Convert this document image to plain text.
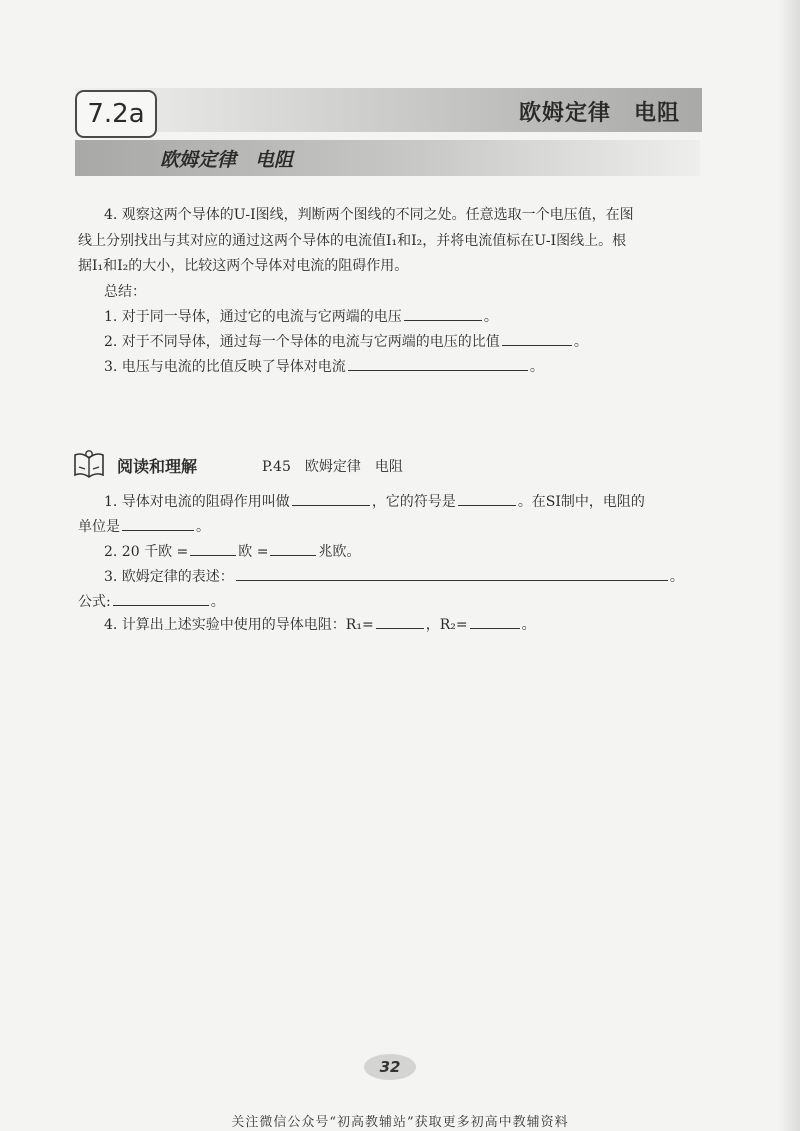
7.2a	欧姆定律　电阻
欧姆定律　电阻
4. 观察这两个导体的U-I图线，判断两个图线的不同之处。任意选取一个电压值，在图
线上分别找出与其对应的通过这两个导体的电流值I₁和I₂，并将电流值标在U-I图线上。根
据I₁和I₂的大小，比较这两个导体对电流的阻碍作用。
总结：
1. 对于同一导体，通过它的电流与它两端的电压	。
2. 对于不同导体，通过每一个导体的电流与它两端的电压的比值	。
3. 电压与电流的比值反映了导体对电流	。
阅读和理解	P.45　欧姆定律　电阻
1. 导体对电流的阻碍作用叫做	，它的符号是	。在SI制中，电阻的
单位是	。
2. 20 千欧 =	欧 =	兆欧。
3. 欧姆定律的表述：	。
公式:	。
4. 计算出上述实验中使用的导体电阻：R₁=	，R₂=	。
32
关注微信公众号“初高教辅站”获取更多初高中教辅资料
